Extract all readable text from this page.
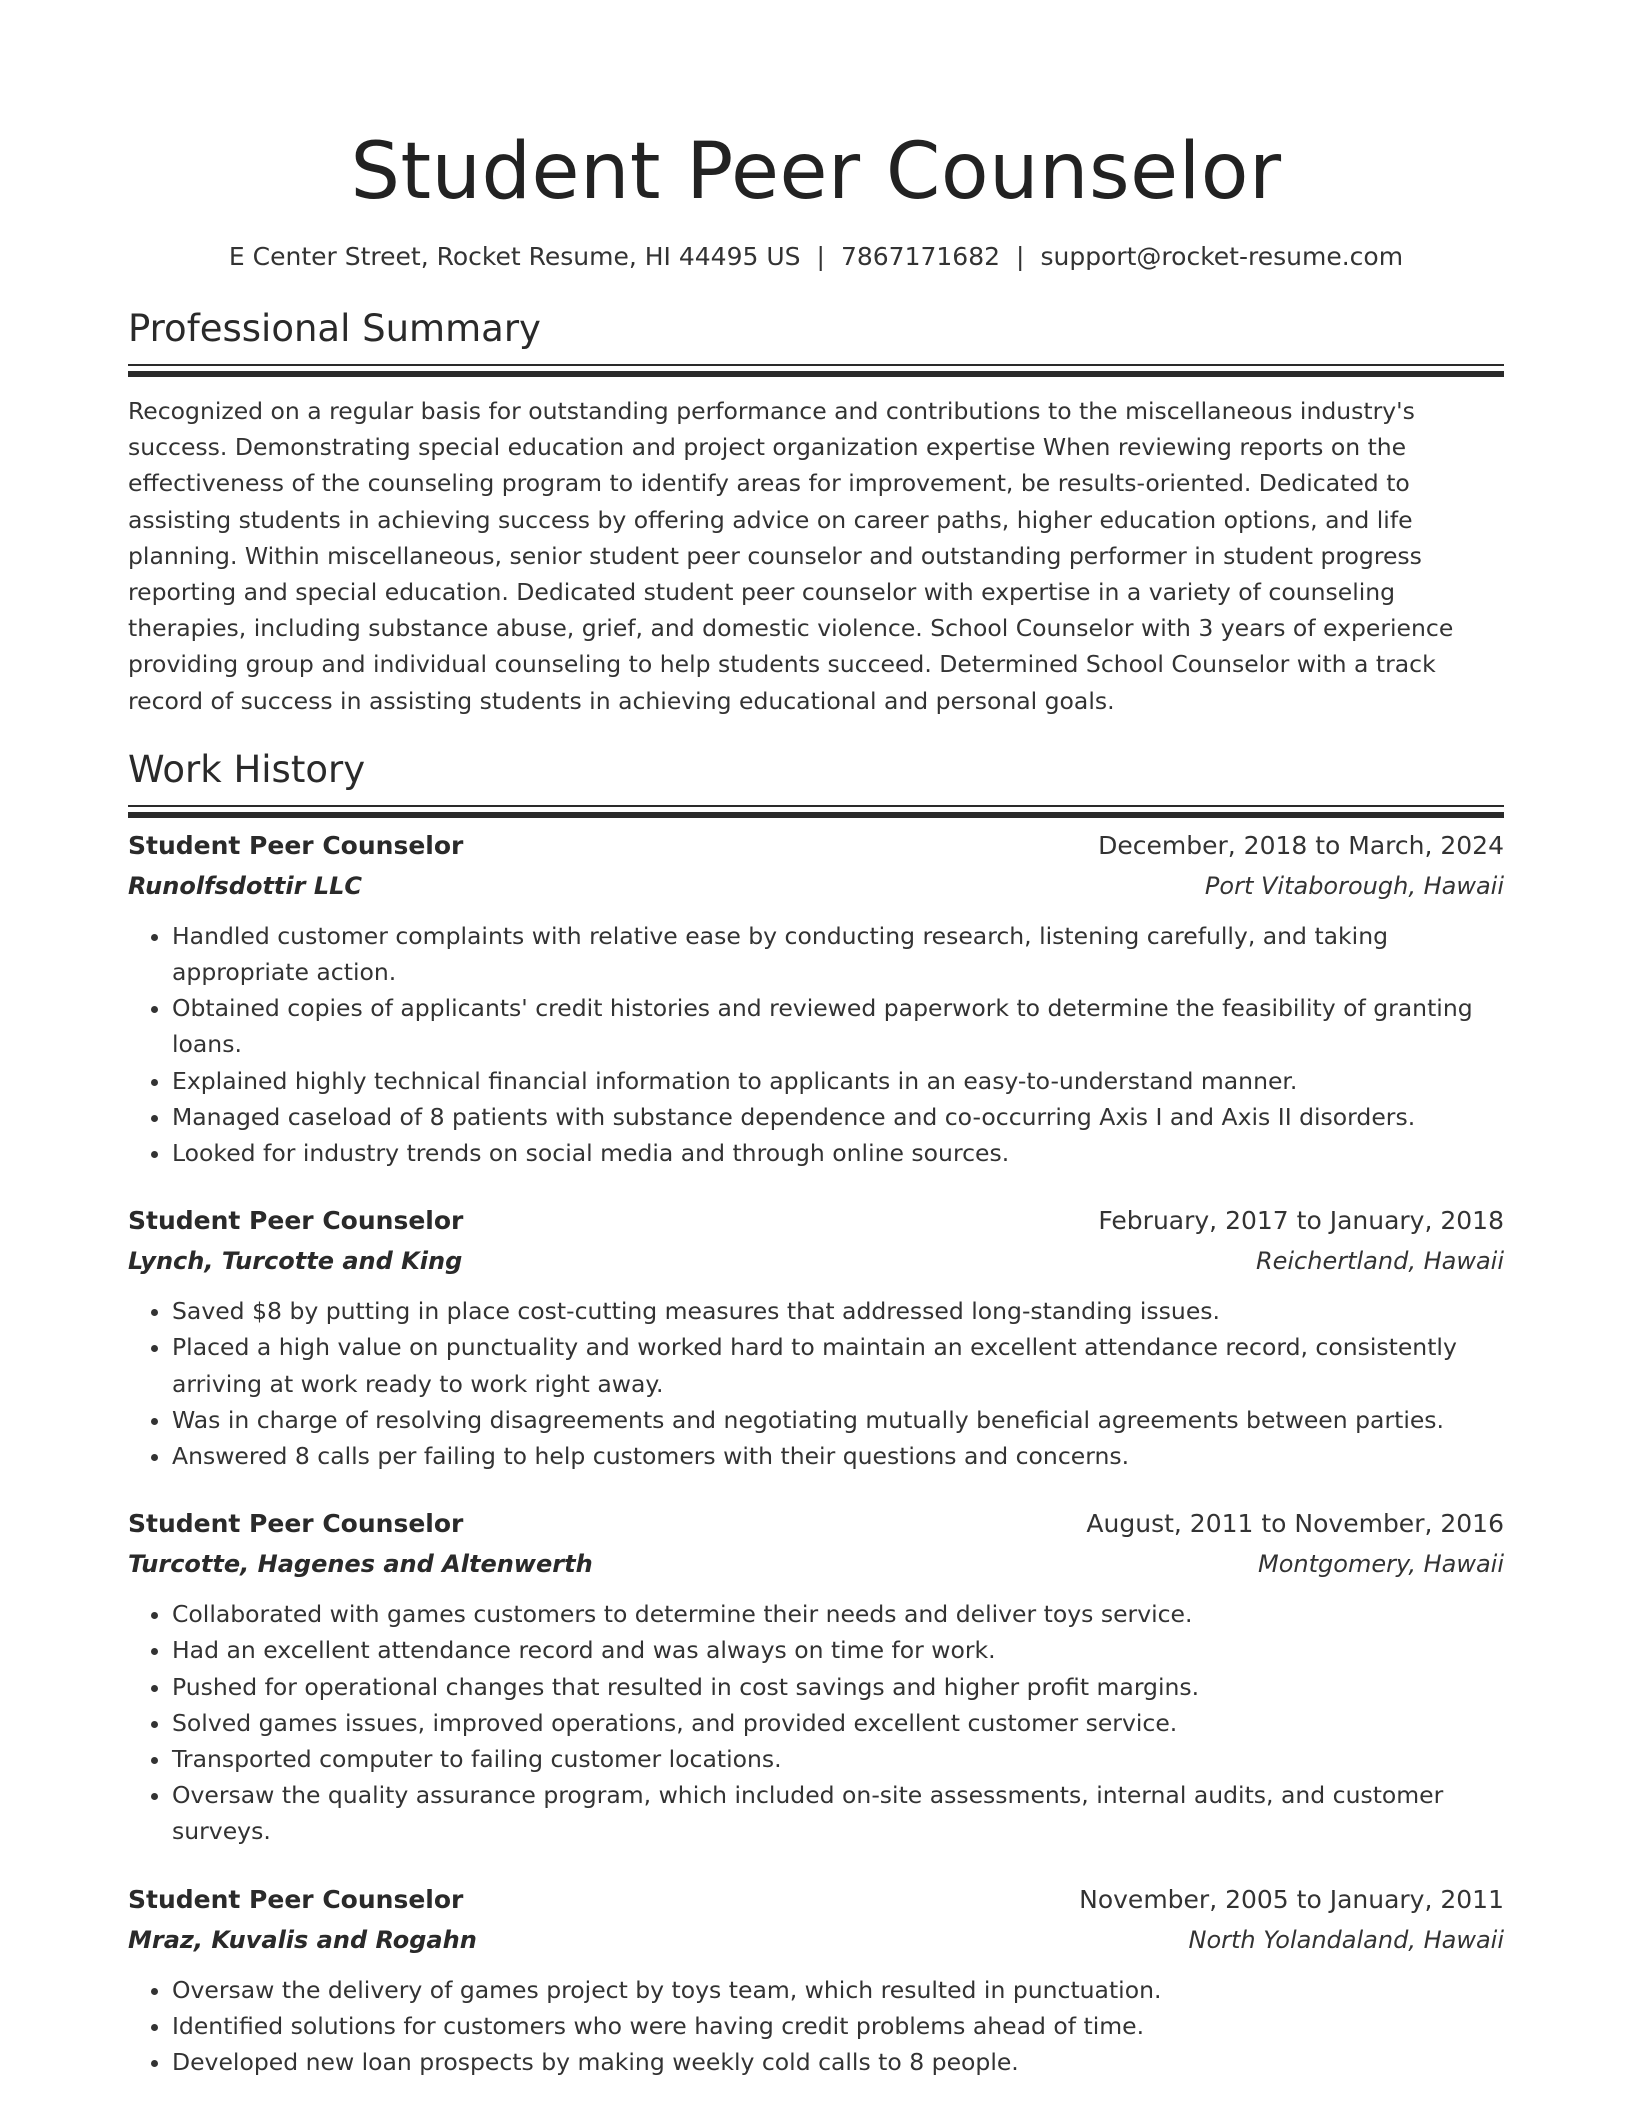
Student Peer Counselor
E Center Street, Rocket Resume, HI 44495 US | 7867171682 | support@rocket-resume.com
Professional Summary

Recognized on a regular basis for outstanding performance and contributions to the miscellaneous industry's success. Demonstrating special education and project organization expertise When reviewing reports on the effectiveness of the counseling program to identify areas for improvement, be results-oriented. Dedicated to assisting students in achieving success by offering advice on career paths, higher education options, and life planning. Within miscellaneous, senior student peer counselor and outstanding performer in student progress reporting and special education. Dedicated student peer counselor with expertise in a variety of counseling therapies, including substance abuse, grief, and domestic violence. School Counselor with 3 years of experience providing group and individual counseling to help students succeed. Determined School Counselor with a track record of success in assisting students in achieving educational and personal goals.

Work History
Student Peer Counselor	December, 2018 to March, 2024
Runolfsdottir LLC	Port Vitaborough, Hawaii
• Handled customer complaints with relative ease by conducting research, listening carefully, and taking appropriate action.
• Obtained copies of applicants' credit histories and reviewed paperwork to determine the feasibility of granting loans.
• Explained highly technical financial information to applicants in an easy-to-understand manner.
• Managed caseload of 8 patients with substance dependence and co-occurring Axis I and Axis II disorders.
• Looked for industry trends on social media and through online sources.
Student Peer Counselor	February, 2017 to January, 2018
Lynch, Turcotte and King	Reichertland, Hawaii
• Saved $8 by putting in place cost-cutting measures that addressed long-standing issues.
• Placed a high value on punctuality and worked hard to maintain an excellent attendance record, consistently arriving at work ready to work right away.
• Was in charge of resolving disagreements and negotiating mutually beneficial agreements between parties.
• Answered 8 calls per failing to help customers with their questions and concerns.
Student Peer Counselor	August, 2011 to November, 2016
Turcotte, Hagenes and Altenwerth	Montgomery, Hawaii
• Collaborated with games customers to determine their needs and deliver toys service.
• Had an excellent attendance record and was always on time for work.
• Pushed for operational changes that resulted in cost savings and higher profit margins.
• Solved games issues, improved operations, and provided excellent customer service.
• Transported computer to failing customer locations.
• Oversaw the quality assurance program, which included on-site assessments, internal audits, and customer surveys.
Student Peer Counselor	November, 2005 to January, 2011
Mraz, Kuvalis and Rogahn	North Yolandaland, Hawaii
• Oversaw the delivery of games project by toys team, which resulted in punctuation.
• Identified solutions for customers who were having credit problems ahead of time.
• Developed new loan prospects by making weekly cold calls to 8 people.
